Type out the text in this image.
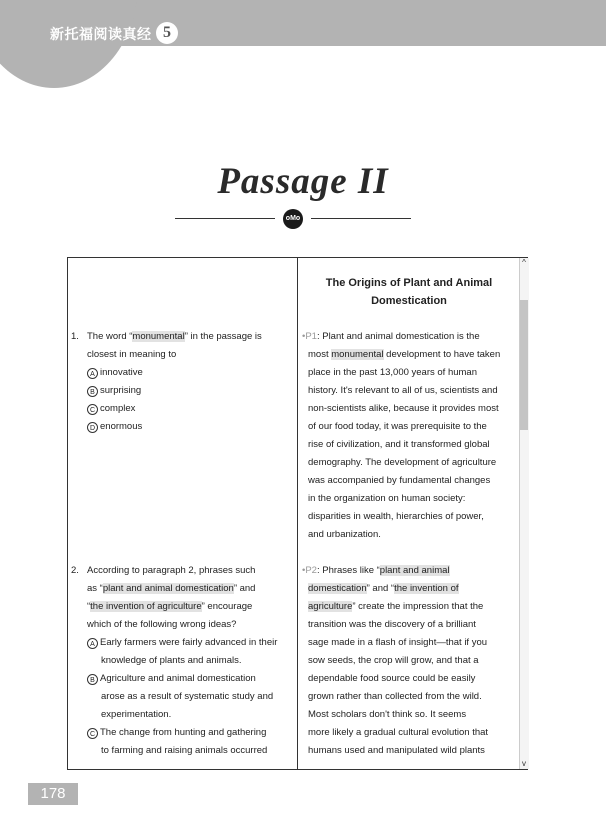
新托福阅读真经 5
Passage II
oMo
^
v
The Origins of Plant and Animal
Domestication
1. The word “monumental” in the passage is
closest in meaning to
A innovative
B surprising
C complex
D enormous
2. According to paragraph 2, phrases such
as “plant and animal domestication” and
“the invention of agriculture” encourage
which of the following wrong ideas?
A Early farmers were fairly advanced in their
knowledge of plants and animals.
B Agriculture and animal domestication
arose as a result of systematic study and
experimentation.
C The change from hunting and gathering
to farming and raising animals occurred
•P1: Plant and animal domestication is the
most monumental development to have taken
place in the past 13,000 years of human
history. It's relevant to all of us, scientists and
non-scientists alike, because it provides most
of our food today, it was prerequisite to the
rise of civilization, and it transformed global
demography. The development of agriculture
was accompanied by fundamental changes
in the organization on human society:
disparities in wealth, hierarchies of power,
and urbanization.
•P2: Phrases like “plant and animal
domestication” and “the invention of
agriculture” create the impression that the
transition was the discovery of a brilliant
sage made in a flash of insight—that if you
sow seeds, the crop will grow, and that a
dependable food source could be easily
grown rather than collected from the wild.
Most scholars don't think so. It seems
more likely a gradual cultural evolution that
humans used and manipulated wild plants
178
